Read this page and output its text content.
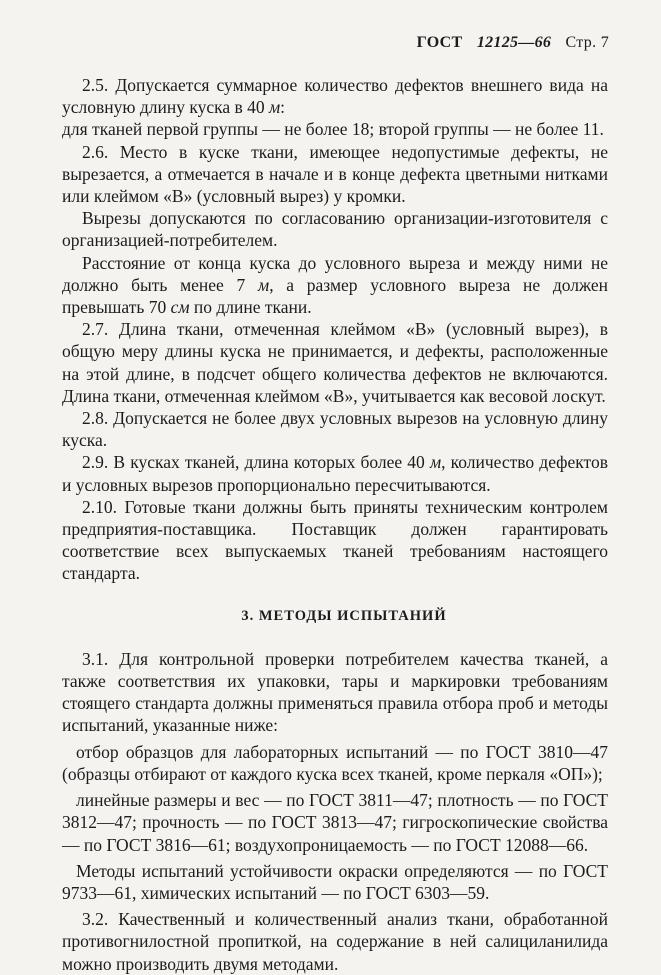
ГОСТ 12125—66 Стр. 7

2.5. Допускается суммарное количество дефектов внешнего вида на условную длину куска в 40 м:

для тканей первой группы — не более 18; второй группы — не более 11.

2.6. Место в куске ткани, имеющее недопустимые дефекты, не вырезается, а отмечается в начале и в конце дефекта цветными нитками или клеймом «В» (условный вырез) у кромки.

Вырезы допускаются по согласованию организации-изготовителя с организацией-потребителем.

Расстояние от конца куска до условного выреза и между ними не должно быть менее 7 м, а размер условного выреза не должен превышать 70 см по длине ткани.

2.7. Длина ткани, отмеченная клеймом «В» (условный вырез), в общую меру длины куска не принимается, и дефекты, расположенные на этой длине, в подсчет общего количества дефектов не включаются. Длина ткани, отмеченная клеймом «В», учитывается как весовой лоскут.

2.8. Допускается не более двух условных вырезов на условную длину куска.

2.9. В кусках тканей, длина которых более 40 м, количество дефектов и условных вырезов пропорционально пересчитываются.

2.10. Готовые ткани должны быть приняты техническим контролем предприятия-поставщика. Поставщик должен гарантировать соответствие всех выпускаемых тканей требованиям настоящего стандарта.

3. МЕТОДЫ ИСПЫТАНИЙ

3.1. Для контрольной проверки потребителем качества тканей, а также соответствия их упаковки, тары и маркировки требованиям стоящего стандарта должны применяться правила отбора проб и методы испытаний, указанные ниже:

отбор образцов для лабораторных испытаний — по ГОСТ 3810—47 (образцы отбирают от каждого куска всех тканей, кроме перкаля «ОП»);

линейные размеры и вес — по ГОСТ 3811—47; плотность — по ГОСТ 3812—47; прочность — по ГОСТ 3813—47; гигроскопические свойства — по ГОСТ 3816—61; воздухопроницаемость — по ГОСТ 12088—66.

Методы испытаний устойчивости окраски определяются — по ГОСТ 9733—61, химических испытаний — по ГОСТ 6303—59.

3.2. Качественный и количественный анализ ткани, обработанной противогнилостной пропиткой, на содержание в ней салициланилида можно производить двумя методами.
